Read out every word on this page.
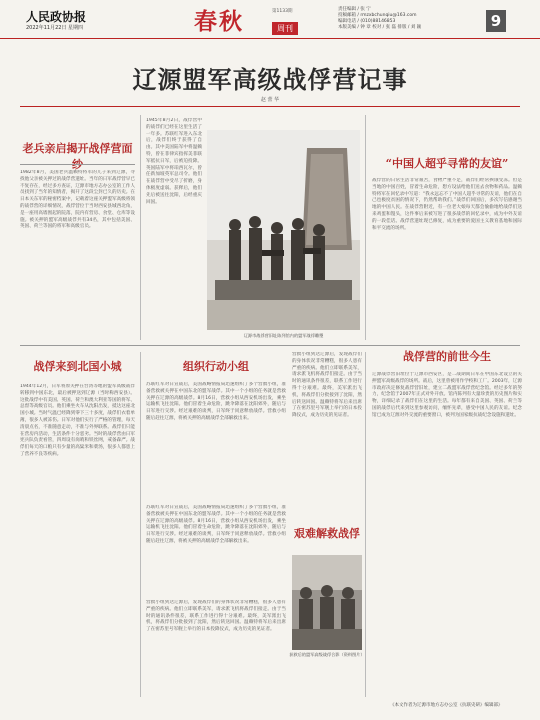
人民政协报
2022年11月22日 星期四	春秋	第1133期
周刊
责任编辑 / 张 宁
投稿邮箱 / rmzxbchunqiu@163.com
编辑电话 / (010)88146853
本版美编 / 钟 章 校对 / 张 磊 排版 / 刘 颖	9
辽源盟军高级战俘营记事
赵 蕾 华
老兵亲启揭开战俘营面纱
1982年8月，美国老兵温赖特将军的儿子来到辽源，寻找他父亲被关押过的战俘营遗址。当年的日军战俘营早已不复存在，经过多方查证，辽源市地方志办公室的工作人员找到了当年的知情者，揭开了这段尘封已久的历史。在日本关东军的秘密档案中，记载着这座关押盟军高级将领的战俘营的详细情况，战俘营位于当时西安县城西北角，是一座用高墙围起的院落，院内有营房、食堂、仓库等设施。被关押的盟军高级战俘共有34名，其中包括美国、英国、荷兰等国的将军和高级官员。
1945年8月2日，战俘营中的战俘们已经在这里生活了一年多。苏联红军进入东北后，战俘们终于获得了自由。其中美国陆军中将温赖特，曾在菲律宾指挥美菲联军抵抗日军，后被迫投降。英国陆军中将珀西瓦尔，曾任新加坡英军总司令。他们在战俘营中受尽了折磨，身体极度虚弱。获释后，他们先后被送往沈阳，后经重庆回国。
辽源市战俘营旧址陈列馆内的盟军战俘雕塑
“中国人超乎寻常的友谊”
战俘营的日常生活非常艰苦，食物严重不足，战俘们经常挨饿受冻。但是当地的中国百姓，冒着生命危险，想方设法给他们送去食物和药品。温赖特将军在回忆录中写道：“我永远忘不了中国人超乎寻常的友谊，他们在自己也极度贫困的情况下，仍然帮助我们。”战俘们回国后，多次写信感谢当地的中国人民。在战俘营附近，有一位老大娘每天都会偷偷地给战俘们送来鸡蛋和馒头，这件事后来被写进了很多战俘的回忆录中，成为中外友谊的一段佳话。战俘营遗址现已修复，成为重要的爱国主义教育基地和国际和平交流的场所。
战俘来到北国小城
1944年12月，日军将原关押在台湾等地的盟军高级战俘转移到中国东北，最后被押送到辽源（当时称西安县）。这批战俘中有美国、英国、荷兰和澳大利亚等国的将军、总督等高级官员。他们乘坐火车从沈阳出发，抵达这座北国小城。当时气温已经降到零下三十多度，战俘们衣着单薄，很多人被冻伤。日军对他们实行了严格的管理，每天清晨点名，不准随意走动，不准与外界联系。战俘们只能在营房内活动，生活条件十分恶劣。当时的战俘营由日军宪兵队负责看管，四周设有岗哨和铁丝网，戒备森严。战俘们每天的口粮只有少量的高粱米和菜汤，很多人都患上了营养不良等疾病。
组织行动小组
苏联红军对日宣战后，美国战略情报局迅速组织了多个营救小组，准备营救被关押在中国东北的盟军战俘。其中一个小组的任务就是营救关押在辽源的高级战俘。8月16日，营救小组从西安机场出发，乘坐运输机飞往沈阳。他们冒着生命危险，跳伞降落在沈阳郊外，随后与日军进行交涉。经过艰难的谈判，日军终于同意释放战俘。营救小组随后赶往辽源，将被关押的高级战俘全部解救出来。
营救小组到达辽源后，发现战俘们的身体状况非常糟糕，很多人患有严重的疾病。他们立即联系美军，请求派飞机将战俘们接走。由于当时的通讯条件很差，联系工作进行得十分艰难。最终，美军派出飞机，将战俘们分批接到了沈阳，然后转送回国。温赖特将军后来出席了在密苏里号军舰上举行的日本投降仪式，成为历史的见证者。
艰难解救战俘
苏联红军对日宣战后，美国战略情报局迅速组织了多个营救小组，准备营救被关押在中国东北的盟军战俘。其中一个小组的任务就是营救关押在辽源的高级战俘。8月16日，营救小组从西安机场出发，乘坐运输机飞往沈阳。他们冒着生命危险，跳伞降落在沈阳郊外，随后与日军进行交涉。经过艰难的谈判，日军终于同意释放战俘。营救小组随后赶往辽源，将被关押的高级战俘全部解救出来。
获救后的盟军高级战俘合影（资料图片）
营救小组到达辽源后，发现战俘们的身体状况非常糟糕，很多人患有严重的疾病。他们立即联系美军，请求派飞机将战俘们接走。由于当时的通讯条件很差，联系工作进行得十分艰难。最终，美军派出飞机，将战俘们分批接到了沈阳，然后转送回国。温赖特将军后来出席了在密苏里号军舰上举行的日本投降仪式，成为历史的见证者。
战俘营的前世今生
辽源战俘营旧址位于辽源市西安区，是二战期间日军在中国东北设立的关押盟军高级战俘的场所。战后，这里曾被用作学校和工厂。2003年，辽源市政府决定修复战俘营旧址，建立二战盟军战俘营纪念馆。经过多年的努力，纪念馆于2007年正式对外开放。馆内陈列有大量珍贵的历史图片和实物，详细记录了战俘们在这里的生活。每年都有来自美国、英国、荷兰等国的战俘后代来到这里参观访问，缅怀先辈，感受中国人民的友谊。纪念馆已成为辽源对外交流的重要窗口，被列为国家级抗战纪念设施和遗址。
《本文作者为辽源市地方志办公室《抗联史研》编辑部》
